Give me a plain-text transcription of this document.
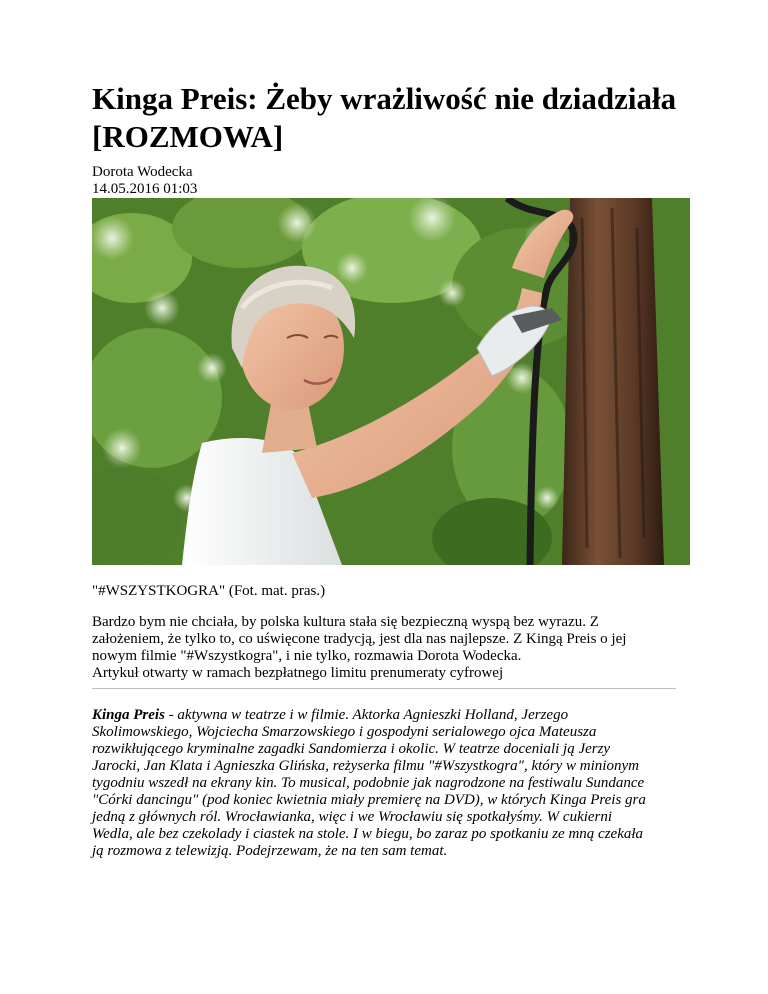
Kinga Preis: Żeby wrażliwość nie dziadziała
[ROZMOWA]
Dorota Wodecka
14.05.2016 01:03
"#WSZYSTKOGRA" (Fot. mat. pras.)

Bardzo bym nie chciała, by polska kultura stała się bezpieczną wyspą bez wyrazu. Z
założeniem, że tylko to, co uświęcone tradycją, jest dla nas najlepsze. Z Kingą Preis o jej
nowym filmie "#Wszystkogra", i nie tylko, rozmawia Dorota Wodecka.
Artykuł otwarty w ramach bezpłatnego limitu prenumeraty cyfrowej

Kinga Preis - aktywna w teatrze i w filmie. Aktorka Agnieszki Holland, Jerzego
Skolimowskiego, Wojciecha Smarzowskiego i gospodyni serialowego ojca Mateusza
rozwikłującego kryminalne zagadki Sandomierza i okolic. W teatrze doceniali ją Jerzy
Jarocki, Jan Klata i Agnieszka Glińska, reżyserka filmu "#Wszystkogra", który w minionym
tygodniu wszedł na ekrany kin. To musical, podobnie jak nagrodzone na festiwalu Sundance
"Córki dancingu" (pod koniec kwietnia miały premierę na DVD), w których Kinga Preis gra
jedną z głównych ról. Wrocławianka, więc i we Wrocławiu się spotkałyśmy. W cukierni
Wedla, ale bez czekolady i ciastek na stole. I w biegu, bo zaraz po spotkaniu ze mną czekała
ją rozmowa z telewizją. Podejrzewam, że na ten sam temat.
